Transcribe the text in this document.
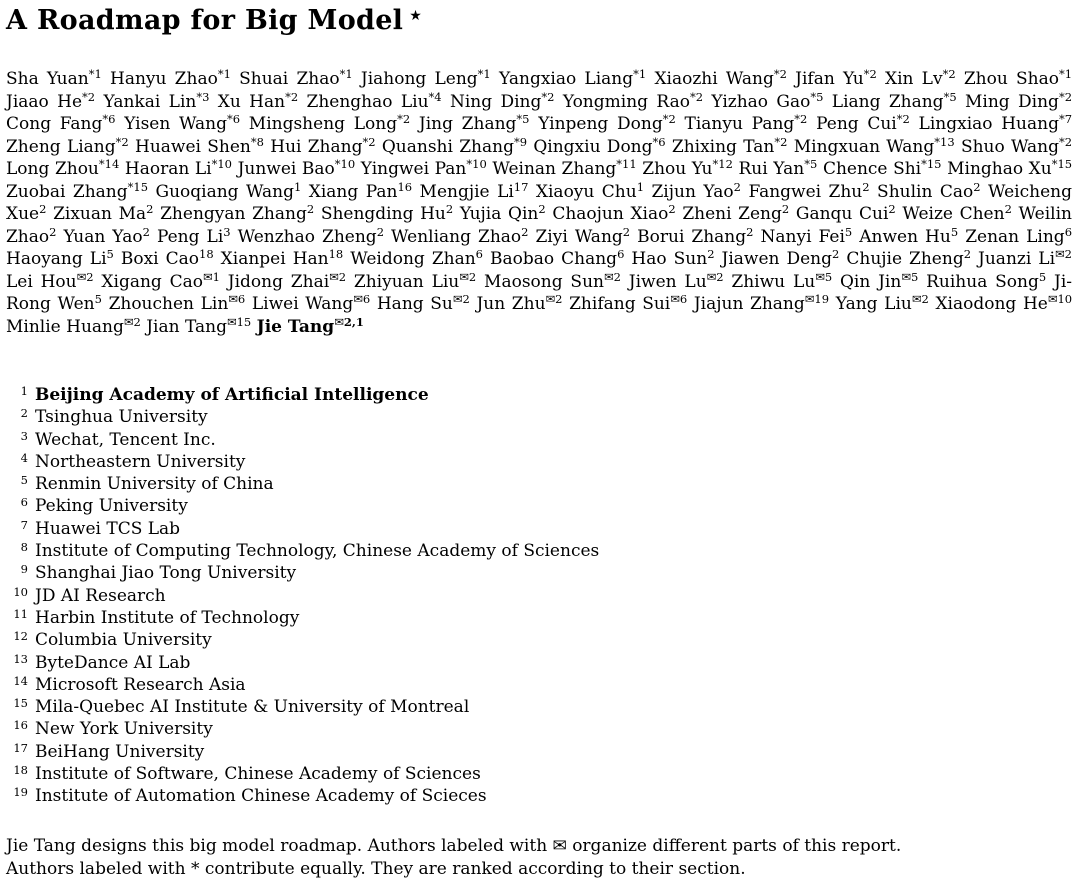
A Roadmap for Big Model ★

Sha Yuan$^{*1}$ Hanyu Zhao$^{*1}$ Shuai Zhao$^{*1}$ Jiahong Leng$^{*1}$ Yangxiao Liang$^{*1}$ Xiaozhi Wang$^{*2}$ Jifan Yu$^{*2}$ Xin Lv$^{*2}$ Zhou Shao$^{*1}$ Jiaao He$^{*2}$ Yankai Lin$^{*3}$ Xu Han$^{*2}$ Zhenghao Liu$^{*4}$ Ning Ding$^{*2}$ Yongming Rao$^{*2}$ Yizhao Gao$^{*5}$ Liang Zhang$^{*5}$ Ming Ding$^{*2}$ Cong Fang$^{*6}$ Yisen Wang$^{*6}$ Mingsheng Long$^{*2}$ Jing Zhang$^{*5}$ Yinpeng Dong$^{*2}$ Tianyu Pang$^{*2}$ Peng Cui$^{*2}$ Lingxiao Huang$^{*7}$ Zheng Liang$^{*2}$ Huawei Shen$^{*8}$ Hui Zhang$^{*2}$ Quanshi Zhang$^{*9}$ Qingxiu Dong$^{*6}$ Zhixing Tan$^{*2}$ Mingxuan Wang$^{*13}$ Shuo Wang$^{*2}$ Long Zhou$^{*14}$ Haoran Li$^{*10}$ Junwei Bao$^{*10}$ Yingwei Pan$^{*10}$ Weinan Zhang$^{*11}$ Zhou Yu$^{*12}$ Rui Yan$^{*5}$ Chence Shi$^{*15}$ Minghao Xu$^{*15}$ Zuobai Zhang$^{*15}$ Guoqiang Wang$^1$ Xiang Pan$^{16}$ Mengjie Li$^{17}$ Xiaoyu Chu$^1$ Zijun Yao$^2$ Fangwei Zhu$^2$ Shulin Cao$^2$ Weicheng Xue$^2$ Zixuan Ma$^2$ Zhengyan Zhang$^2$ Shengding Hu$^2$ Yujia Qin$^2$ Chaojun Xiao$^2$ Zheni Zeng$^2$ Ganqu Cui$^2$ Weize Chen$^2$ Weilin Zhao$^2$ Yuan Yao$^2$ Peng Li$^3$ Wenzhao Zheng$^2$ Wenliang Zhao$^2$ Ziyi Wang$^2$ Borui Zhang$^2$ Nanyi Fei$^5$ Anwen Hu$^5$ Zenan Ling$^6$ Haoyang Li$^5$ Boxi Cao$^{18}$ Xianpei Han$^{18}$ Weidong Zhan$^6$ Baobao Chang$^6$ Hao Sun$^2$ Jiawen Deng$^2$ Chujie Zheng$^2$ Juanzi $Li^{✉2}$ Lei Hou$^{✉2}$ Xigang Cao$^{✉1}$ Jidong Zhai$^{✉2}$ Zhiyuan Liu$^{✉2}$ Maosong Sun$^{✉2}$ Jiwen $Lu^{✉2}$ Zhiwu $Lu^{✉5}$ Qin Jin$^{✉5}$ Ruihua Song$^5$ Ji-Rong Wen$^5$ Zhouchen Lin$^{✉6}$ Liwei Wang$^{✉6}$ Hang $Su^{✉2}$ Jun Zhu$^{✉2}$ Zhifang Sui$^{✉6}$ Jiajun Zhang$^{✉19}$ Yang Liu$^{✉2}$ Xiaodong $He^{✉10}$ Minlie Huang$^{✉2}$ Jian Tang$^{✉15}$ Jie Tang$^{✉2,1}$

1 Beijing Academy of Artificial Intelligence
2 Tsinghua University
3 Wechat, Tencent Inc.
4 Northeastern University
5 Renmin University of China
6 Peking University
7 Huawei TCS Lab
8 Institute of Computing Technology, Chinese Academy of Sciences
9 Shanghai Jiao Tong University
10 JD AI Research
11 Harbin Institute of Technology
12 Columbia University
13 ByteDance AI Lab
14 Microsoft Research Asia
15 Mila-Quebec AI Institute & University of Montreal
16 New York University
17 BeiHang University
18 Institute of Software, Chinese Academy of Sciences
19 Institute of Automation Chinese Academy of Scieces

Jie Tang designs this big model roadmap. Authors labeled with ✉ organize different parts of this report.
Authors labeled with * contribute equally. They are ranked according to their section.
